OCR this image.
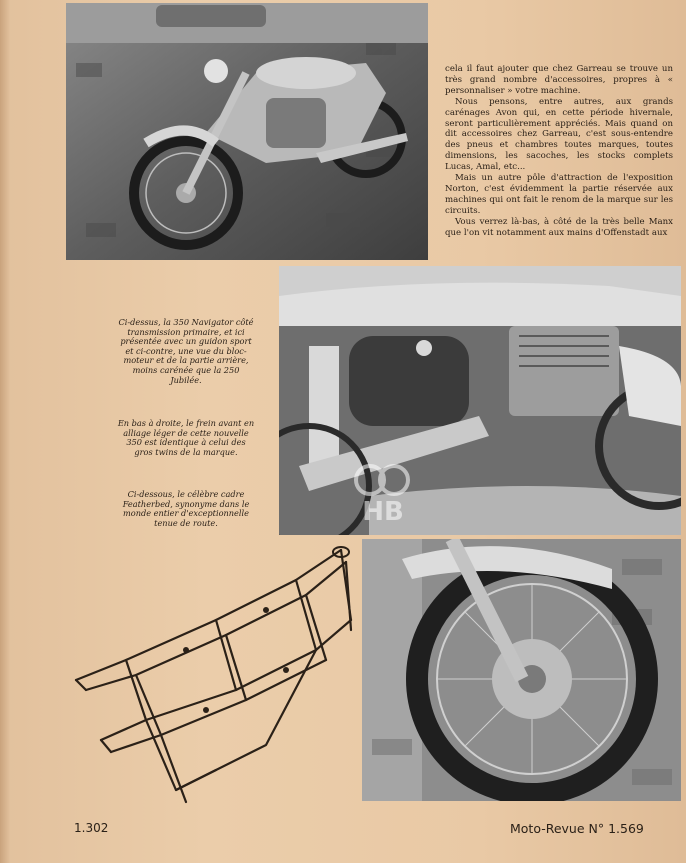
cela il faut ajouter que chez Garreau se trouve un très grand nombre d'accessoires, propres à « personnaliser » votre machine.

Nous pensons, entre autres, aux grands carénages Avon qui, en cette période hivernale, seront particulièrement appréciés. Mais quand on dit accessoires chez Garreau, c'est sous-entendre des pneus et chambres toutes marques, toutes dimensions, les sacoches, les stocks complets Lucas, Amal, etc...

Mais un autre pôle d'attraction de l'exposition Norton, c'est évidemment la partie réservée aux machines qui ont fait le renom de la marque sur les circuits.

Vous verrez là-bas, à côté de la très belle Manx que l'on vit notamment aux mains d'Offenstadt aux

Ci-dessus, la 350 Navigator côté transmission primaire, et ici présentée avec un guidon sport et ci-contre, une vue du bloc-moteur et de la partie arrière, moins carénée que la 250 Jubilée.
En bas à droite, le frein avant en alliage léger de cette nouvelle 350 est identique à celui des gros twins de la marque.
Ci-dessous, le célèbre cadre Featherbed, synonyme dans le monde entier d'exceptionnelle tenue de route.	HB
1.302	Moto-Revue N° 1.569
